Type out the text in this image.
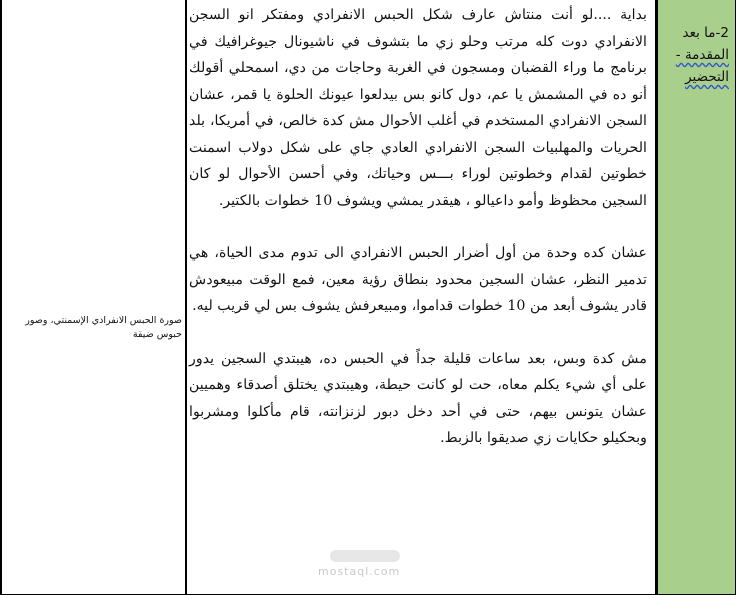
2-ما بعد
المقدمة -
التحضير

بداية ....لو أنت منتاش عارف شكل الحبس الانفرادي ومفتكر انو السجن الانفرادي دوت كله مرتب وحلو زي ما بتشوف في ناشيونال جيوغرافيك في برنامج ما وراء القضبان ومسجون في الغربة وحاجات من دي، اسمحلي أقولك أنو ده في المشمش يا عم، دول كانو بس بيدلعوا عيونك الحلوة يا قمر، عشان السجن الانفرادي المستخدم في أغلب الأحوال مش كدة خالص، في أمريكا، بلد الحريات والمهلبيات السجن الانفرادي العادي جاي على شكل دولاب اسمنت خطوتين لقدام وخطوتين لوراء بـــس وحياتك، وفي أحسن الأحوال لو كان السجين محظوظ وأمو داعيالو ، هيقدر يمشي ويشوف 10 خطوات بالكتير.

عشان كده وحدة من أول أضرار الحبس الانفرادي الى تدوم مدى الحياة، هي تدمير النظر، عشان السجين محدود بنطاق رؤية معين، فمع الوقت مبيعودش قادر يشوف أبعد من 10 خطوات قداموا، ومبيعرفش يشوف بس لي قريب ليه.

مش كدة وبس، بعد ساعات قليلة جداً في الحبس ده، هيبتدي السجين يدور على أي شيء يكلم معاه، حت لو كانت حيطة، وهيبتدي يختلق أصدقاء وهميين عشان يتونس بيهم، حتى في أحد دخل دبور لزنزانته، قام مأكلوا ومشربوا وبحكيلو حكايات زي صديقوا بالزبط.

صورة الحبس الانفرادي الإسمنتي، وصور حبوس ضيقة
mostaql.com
